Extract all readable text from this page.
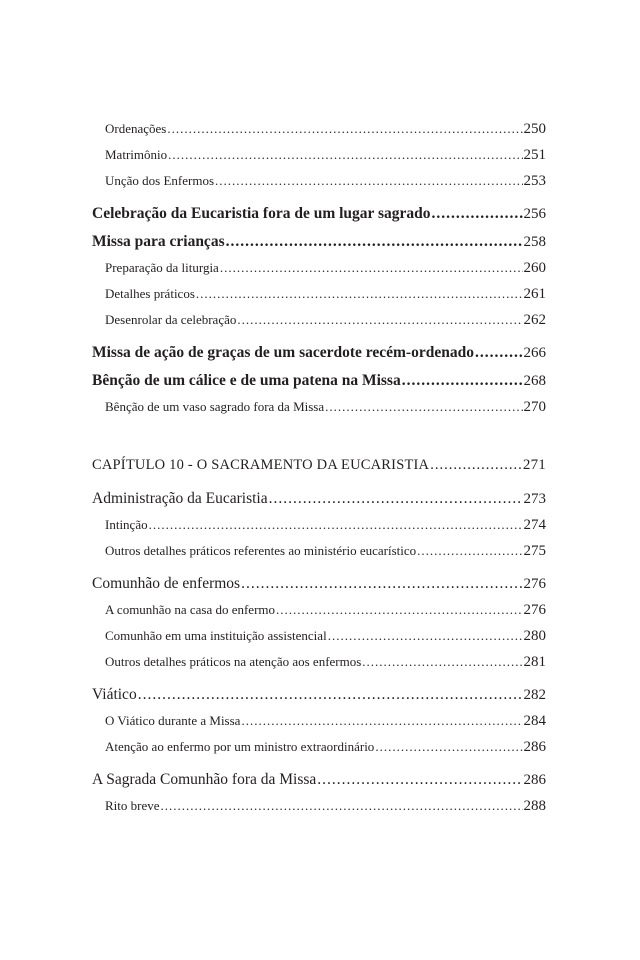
Ordenações .....	250
Matrimônio .....	251
Unção dos Enfermos .....	253
Celebração da Eucaristia fora de um lugar sagrado .....	256
Missa para crianças .....	258
Preparação da liturgia .....	260
Detalhes práticos .....	261
Desenrolar da celebração .....	262
Missa de ação de graças de um sacerdote recém-ordenado .....	266
Bênção de um cálice e de uma patena na Missa .....	268
Bênção de um vaso sagrado fora da Missa .....	270
CAPÍTULO 10 - O SACRAMENTO DA EUCARISTIA .....	271
Administração da Eucaristia .....	273
Intinção .....	274
Outros detalhes práticos referentes ao ministério eucarístico .....	275
Comunhão de enfermos .....	276
A comunhão na casa do enfermo .....	276
Comunhão em uma instituição assistencial .....	280
Outros detalhes práticos na atenção aos enfermos .....	281
Viático .....	282
O Viático durante a Missa .....	284
Atenção ao enfermo por um ministro extraordinário .....	286
A Sagrada Comunhão fora da Missa .....	286
Rito breve .....	288
